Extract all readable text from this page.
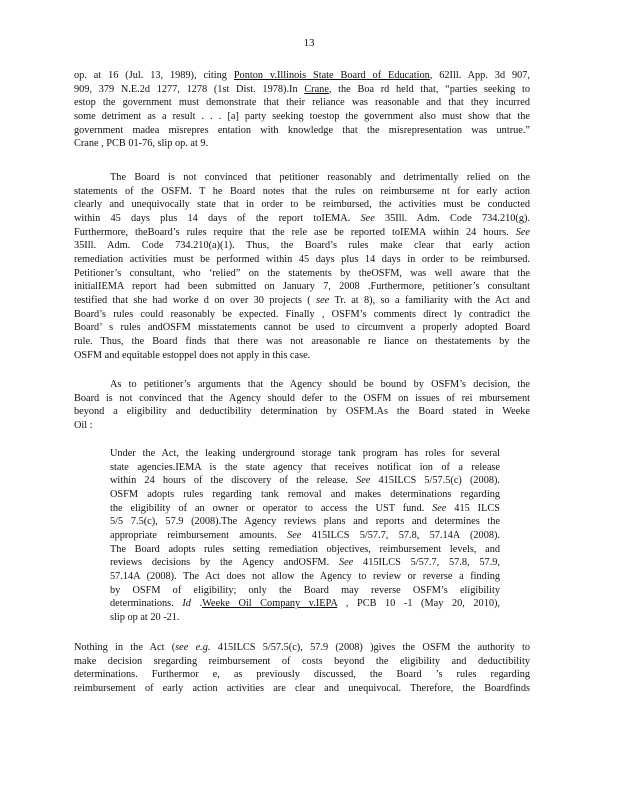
13
op. at 16 (Jul. 13, 1989), citing Ponton v.Illinois State Board of Education, 62Ill. App. 3d 907,
909, 379 N.E.2d 1277, 1278 (1st Dist. 1978).In Crane, the Boa rd held that, “parties seeking to
estop the government must demonstrate that their reliance was reasonable and that they incurred
some detriment as a result . . . [a] party seeking toestop the government also must show that the
government madea misrepres entation with knowledge that the misrepresentation was untrue.”
Crane , PCB 01-76, slip op. at 9.
The Board is not convinced that petitioner reasonably and detrimentally relied on the
statements of the OSFM. T he Board notes that the rules on reimburseme nt for early action
clearly and unequivocally state that in order to be reimbursed, the activities must be conducted
within 45 days plus 14 days of the report toIEMA. See 35Ill. Adm. Code 734.210(g).
Furthermore, theBoard’s rules require that the rele ase be reported toIEMA within 24 hours. See
35Ill. Adm. Code 734.210(a)(1). Thus, the Board’s rules make clear that early action
remediation activities must be performed within 45 days plus 14 days in order to be reimbursed.
Petitioner’s consultant, who ‘relied” on the statements by theOSFM, was well aware that the
initialIEMA report had been submitted on January 7, 2008 .Furthermore, petitioner’s consultant
testified that she had worke d on over 30 projects ( see Tr. at 8), so a familiarity with the Act and
Board’s rules could reasonably be expected. Finally , OSFM’s comments direct ly contradict the
Board’ s rules andOSFM misstatements cannot be used to circumvent a properly adopted Board
rule. Thus, the Board finds that there was not areasonable re liance on thestatements by the
OSFM and equitable estoppel does not apply in this case.
As to petitioner’s arguments that the Agency should be bound by OSFM’s decision, the
Board is not convinced that the Agency should defer to the OSFM on issues of rei mbursement
beyond a eligibility and deductibility determination by OSFM.As the Board stated in Weeke
Oil :
Under the Act, the leaking underground storage tank program has roles for several
state agencies.IEMA is the state agency that receives notificat ion of a release
within 24 hours of the discovery of the release. See 415ILCS 5/57.5(c) (2008).
OSFM adopts rules regarding tank removal and makes determinations regarding
the eligibility of an owner or operator to access the UST fund. See 415 ILCS
5/5 7.5(c), 57.9 (2008).The Agency reviews plans and reports and determines the
appropriate reimbursement amounts. See 415ILCS 5/57.7, 57.8, 57.14A (2008).
The Board adopts rules setting remediation objectives, reimbursement levels, and
reviews decisions by the Agency andOSFM. See 415ILCS 5/57.7, 57.8, 57.9,
57.14A (2008). The Act does not allow the Agency to review or reverse a finding
by OSFM of eligibility; only the Board may reverse OSFM’s eligibility
determinations. Id .Weeke Oil Company v.IEPA , PCB 10 -1 (May 20, 2010),
slip op at 20 -21.
Nothing in the Act (see e.g. 415ILCS 5/57.5(c), 57.9 (2008) )gives the OSFM the authority to
make decision sregarding reimbursement of costs beyond the eligibility and deductibility
determinations. Furthermor e, as previously discussed, the Board ’s rules regarding
reimbursement of early action activities are clear and unequivocal. Therefore, the Boardfinds
